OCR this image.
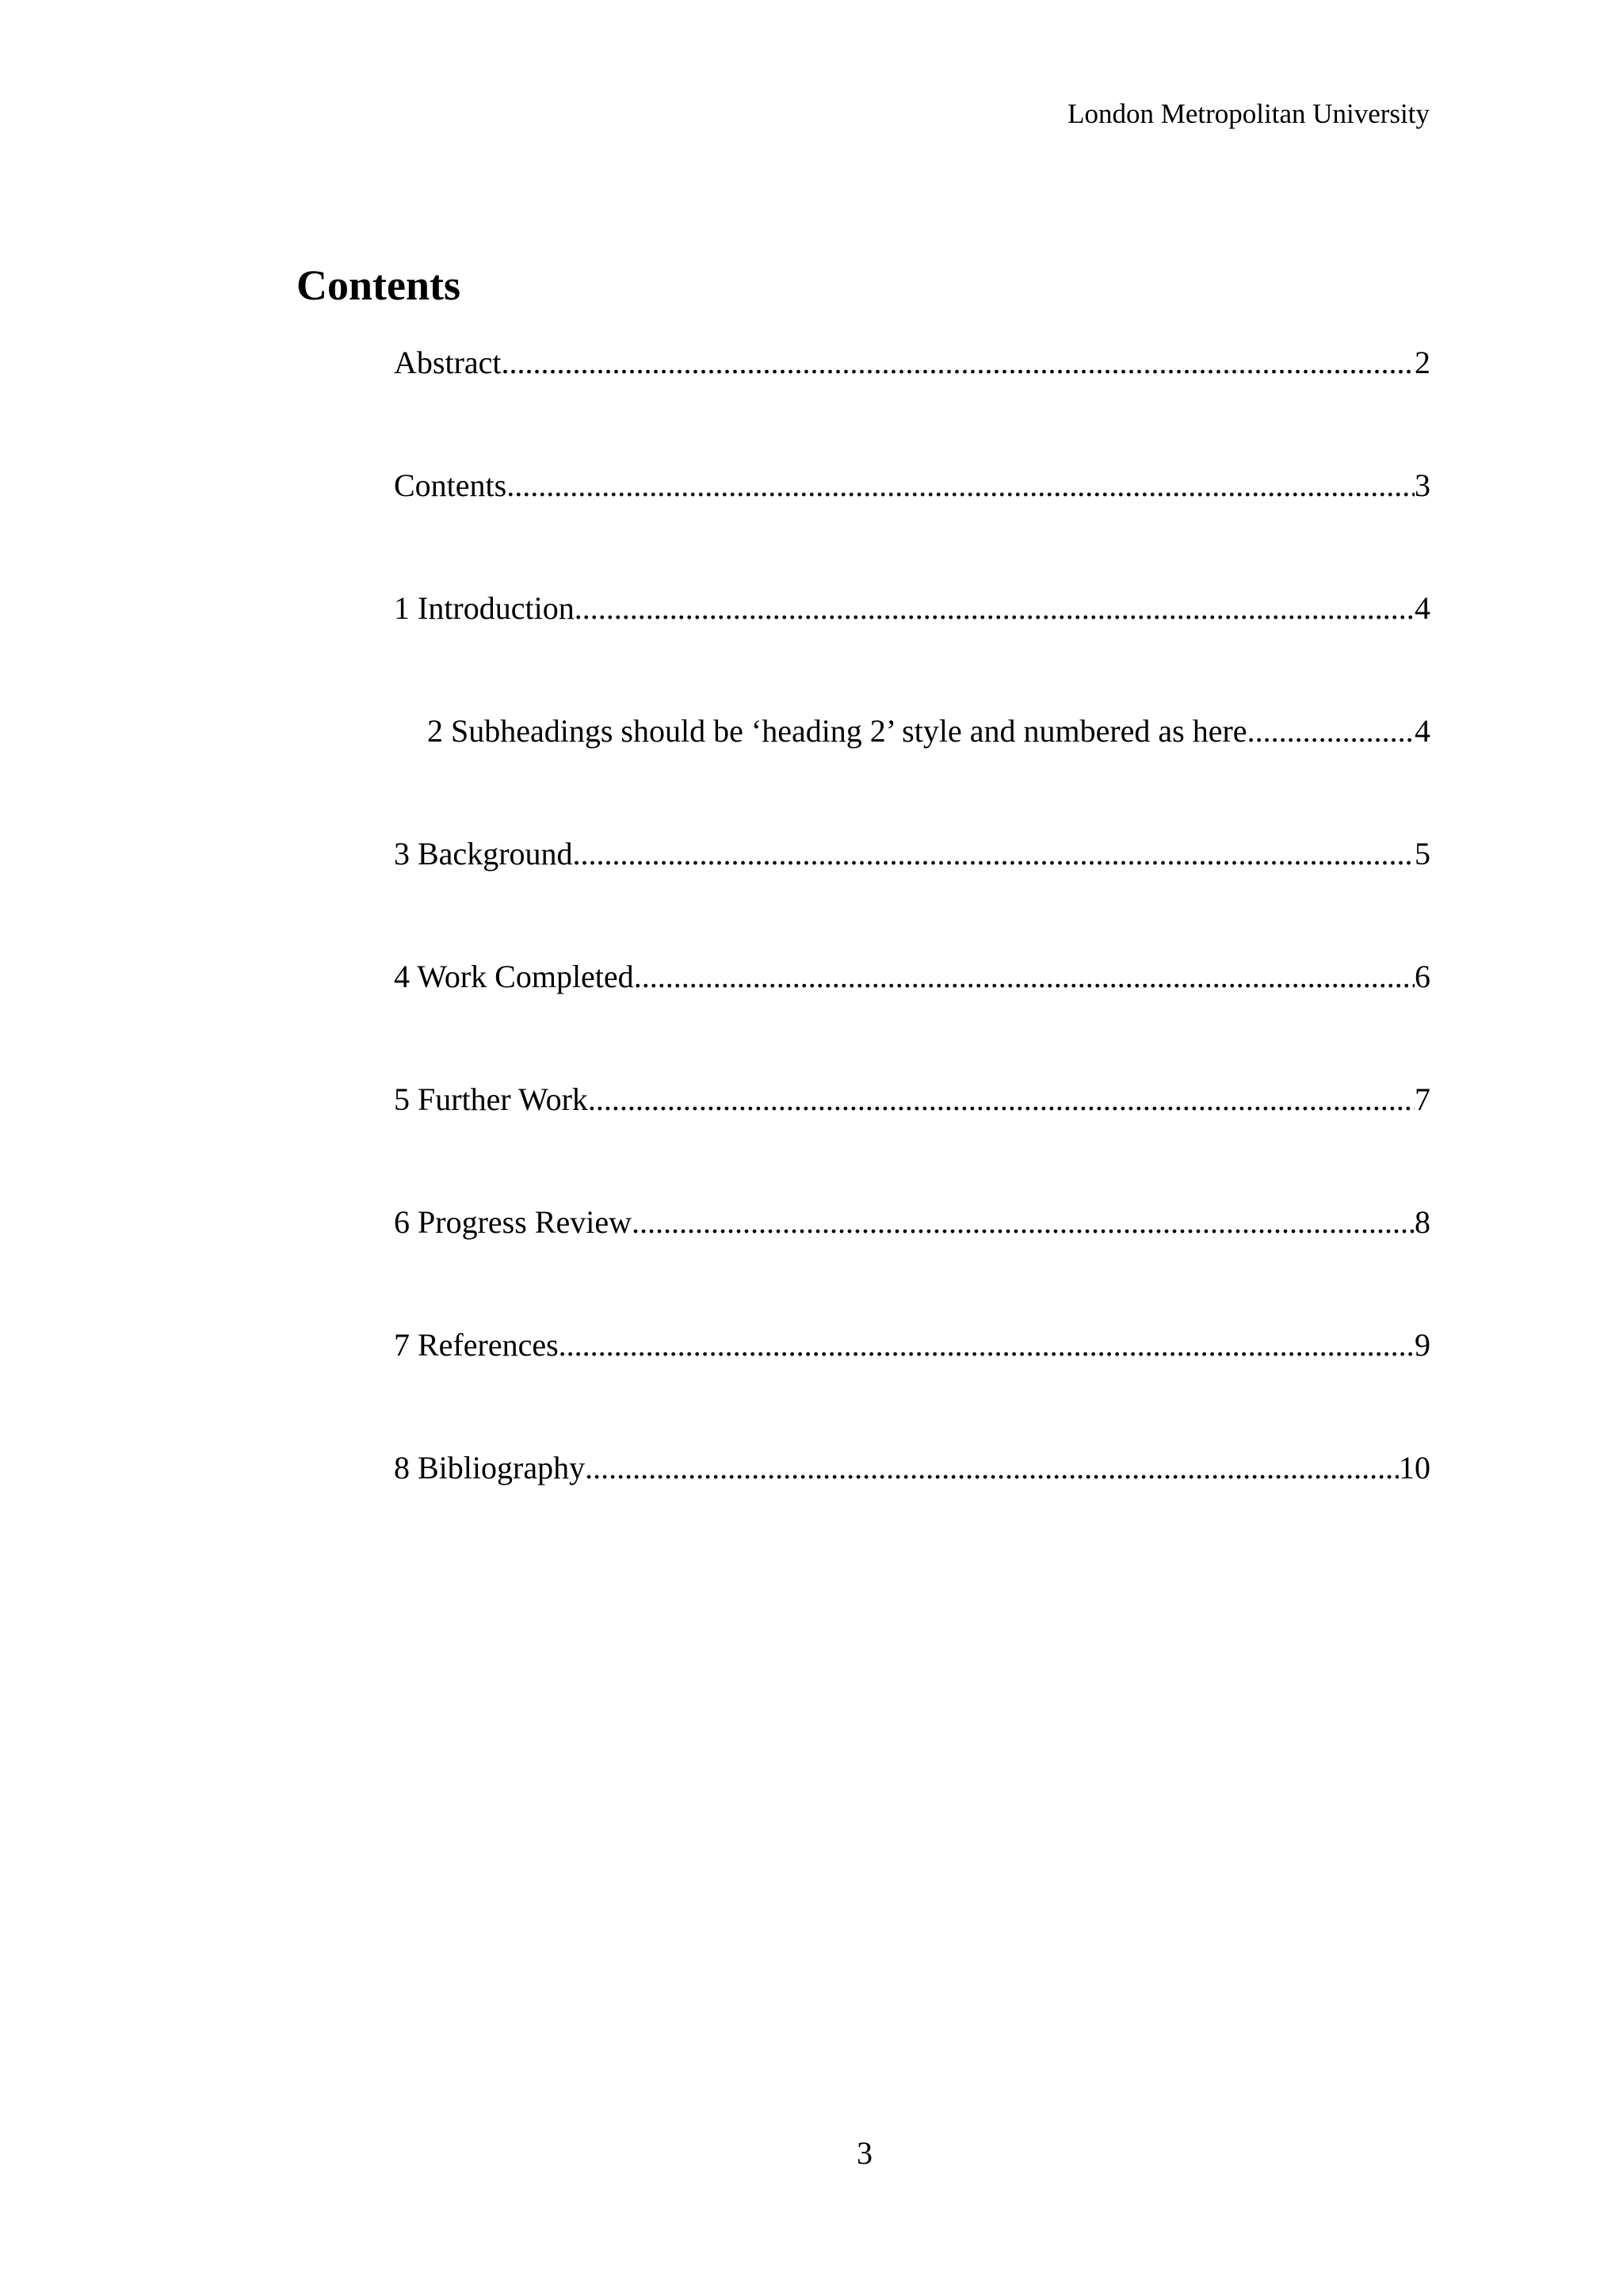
London Metropolitan University
Contents
Abstract .....	2
Contents .....	3
1 Introduction .....	4
2 Subheadings should be ‘heading 2’ style and numbered as here .....	4
3 Background .....	5
4 Work Completed .....	6
5 Further Work .....	7
6 Progress Review .....	8
7 References .....	9
8 Bibliography .....	10
3
